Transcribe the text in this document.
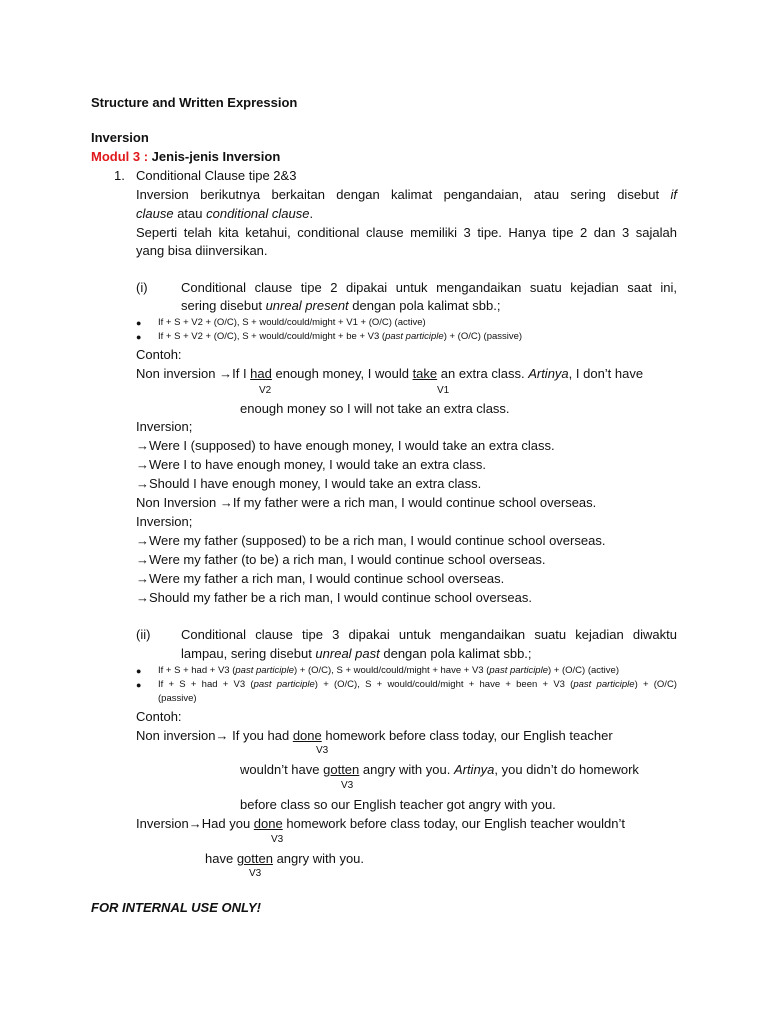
Structure and Written Expression
Inversion
Modul 3 : Jenis-jenis Inversion
1. Conditional Clause tipe 2&3
Inversion berikutnya berkaitan dengan kalimat pengandaian, atau sering disebut if
clause atau conditional clause.
Seperti telah kita ketahui, conditional clause memiliki 3 tipe. Hanya tipe 2 dan 3 sajalah
yang bisa diinversikan.
(i)	Conditional clause tipe 2 dipakai untuk mengandaikan suatu kejadian saat ini,
sering disebut unreal present dengan pola kalimat sbb.;
● If + S + V2 + (O/C), S + would/could/might + V1 + (O/C) (active)
● If + S + V2 + (O/C), S + would/could/might + be + V3 (past participle) + (O/C) (passive)
Contoh:
Non inversion →If I had enough money, I would take an extra class. Artinya, I don’t have
V2	V1
enough money so I will not take an extra class.
Inversion;
→Were I (supposed) to have enough money, I would take an extra class.
→Were I to have enough money, I would take an extra class.
→Should I have enough money, I would take an extra class.
Non Inversion →If my father were a rich man, I would continue school overseas.
Inversion;
→Were my father (supposed) to be a rich man, I would continue school overseas.
→Were my father (to be) a rich man, I would continue school overseas.
→Were my father a rich man, I would continue school overseas.
→Should my father be a rich man, I would continue school overseas.
(ii) Conditional clause tipe 3 dipakai untuk mengandaikan suatu kejadian diwaktu
lampau, sering disebut unreal past dengan pola kalimat sbb.;
● If + S + had + V3 (past participle) + (O/C), S + would/could/might + have + V3 (past participle) + (O/C) (active)
● If + S + had + V3 (past participle) + (O/C), S + would/could/might + have + been + V3 (past participle) + (O/C)
(passive)
Contoh:
Non inversion→ If you had done homework before class today, our English teacher
V3
wouldn’t have gotten angry with you. Artinya, you didn’t do homework
V3
before class so our English teacher got angry with you.
Inversion→Had you done homework before class today, our English teacher wouldn’t
V3
have gotten angry with you.
V3
FOR INTERNAL USE ONLY!
